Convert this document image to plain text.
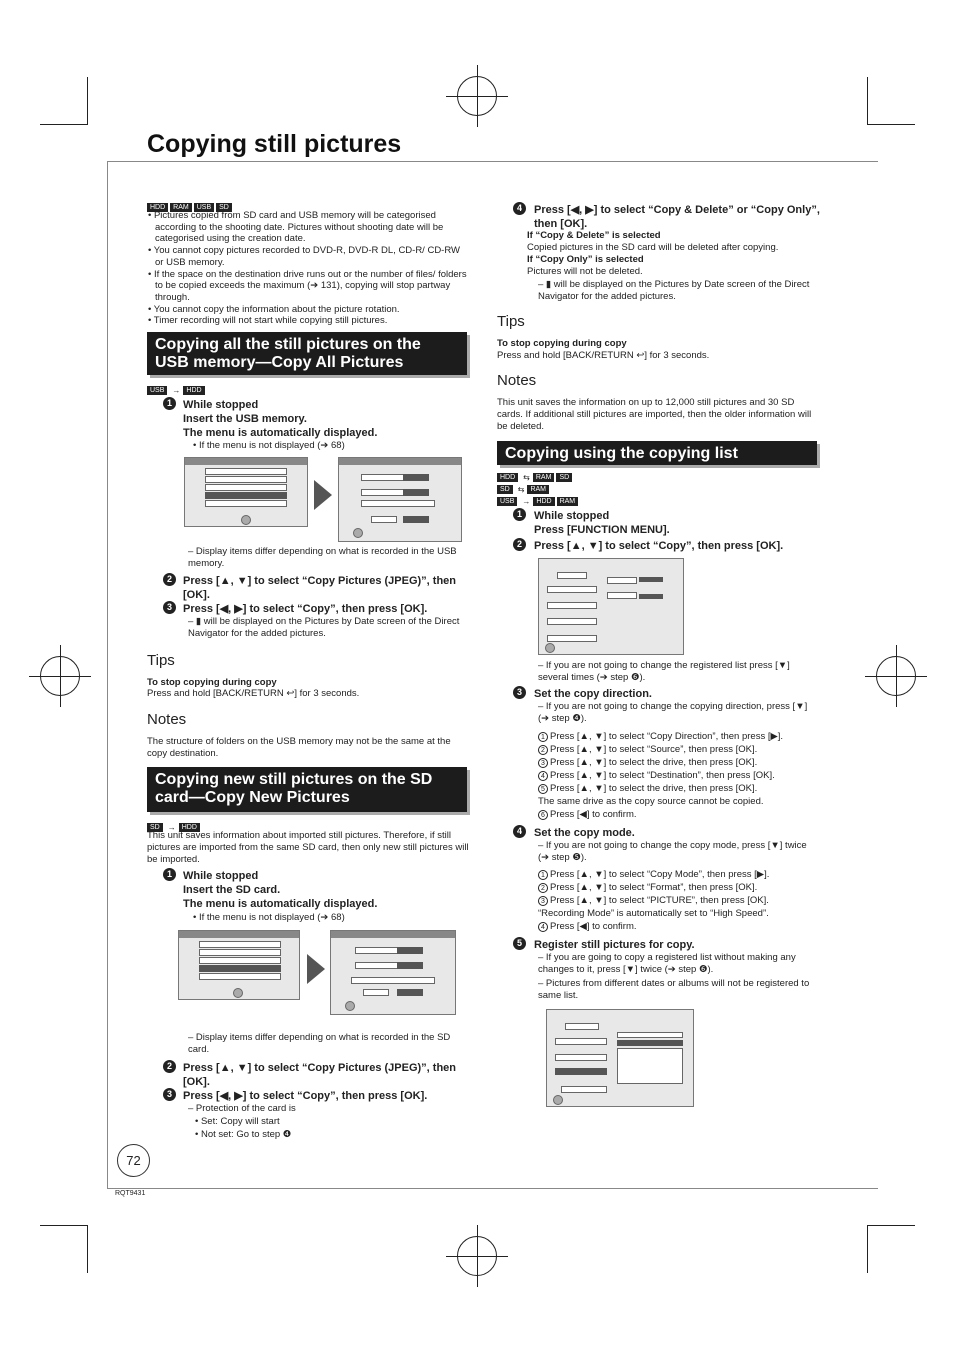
Copying still pictures
HDD RAM USB SD
• Pictures copied from SD card and USB memory will be categorised according to the shooting date. Pictures without shooting date will be categorised using the creation date.
• You cannot copy pictures recorded to DVD-R, DVD-R DL, CD-R/ CD-RW or USB memory.
• If the space on the destination drive runs out or the number of files/ folders to be copied exceeds the maximum (➔ 131), copying will stop partway through.
• You cannot copy the information about the picture rotation.
• Timer recording will not start while copying still pictures.
Copying all the still pictures on the USB memory—Copy All Pictures
USB → HDD
1	While stopped
Insert the USB memory.
The menu is automatically displayed.
• If the menu is not displayed (➔ 68)
– Display items differ depending on what is recorded in the USB memory.
2	Press [▲, ▼] to select “Copy Pictures (JPEG)”, then [OK].
3	Press [◀, ▶] to select “Copy”, then press [OK].
– ▮ will be displayed on the Pictures by Date screen of the Direct Navigator for the added pictures.
Tips
To stop copying during copy
Press and hold [BACK/RETURN ↩] for 3 seconds.
Notes
The structure of folders on the USB memory may not be the same at the copy destination.
Copying new still pictures on the SD card—Copy New Pictures
SD → HDD
This unit saves information about imported still pictures. Therefore, if still pictures are imported from the same SD card, then only new still pictures will be imported.
1	While stopped
Insert the SD card.
The menu is automatically displayed.
• If the menu is not displayed (➔ 68)
– Display items differ depending on what is recorded in the SD card.
2	Press [▲, ▼] to select “Copy Pictures (JPEG)”, then [OK].
3	Press [◀, ▶] to select “Copy”, then press [OK].
– Protection of the card is
• Set: Copy will start
• Not set: Go to step ❹
4	Press [◀, ▶] to select “Copy & Delete” or “Copy Only”, then [OK].
If “Copy & Delete” is selected
Copied pictures in the SD card will be deleted after copying.
If “Copy Only” is selected
Pictures will not be deleted.
– ▮ will be displayed on the Pictures by Date screen of the Direct Navigator for the added pictures.
Tips
To stop copying during copy
Press and hold [BACK/RETURN ↩] for 3 seconds.
Notes
This unit saves the information on up to 12,000 still pictures and 30 SD cards. If additional still pictures are imported, then the older information will be deleted.
Copying using the copying list
HDD ⇆ RAM SD
SD ⇆ RAM
USB → HDD RAM
1	While stopped
Press [FUNCTION MENU].
2	Press [▲, ▼] to select “Copy”, then press [OK].
– If you are not going to change the registered list press [▼] several times (➔ step ❻).
3	Set the copy direction.
– If you are not going to change the copying direction, press [▼] (➔ step ❹).
1 Press [▲, ▼] to select “Copy Direction”, then press [▶].
2 Press [▲, ▼] to select “Source”, then press [OK].
3 Press [▲, ▼] to select the drive, then press [OK].
4 Press [▲, ▼] to select “Destination”, then press [OK].
5 Press [▲, ▼] to select the drive, then press [OK].
The same drive as the copy source cannot be copied.
6 Press [◀] to confirm.
4	Set the copy mode.
– If you are not going to change the copy mode, press [▼] twice (➔ step ❺).
1 Press [▲, ▼] to select “Copy Mode”, then press [▶].
2 Press [▲, ▼] to select “Format”, then press [OK].
3 Press [▲, ▼] to select “PICTURE”, then press [OK].
“Recording Mode” is automatically set to “High Speed”.
4 Press [◀] to confirm.
5	Register still pictures for copy.
– If you are going to copy a registered list without making any changes to it, press [▼] twice (➔ step ❻).
– Pictures from different dates or albums will not be registered to same list.
72
RQT9431
